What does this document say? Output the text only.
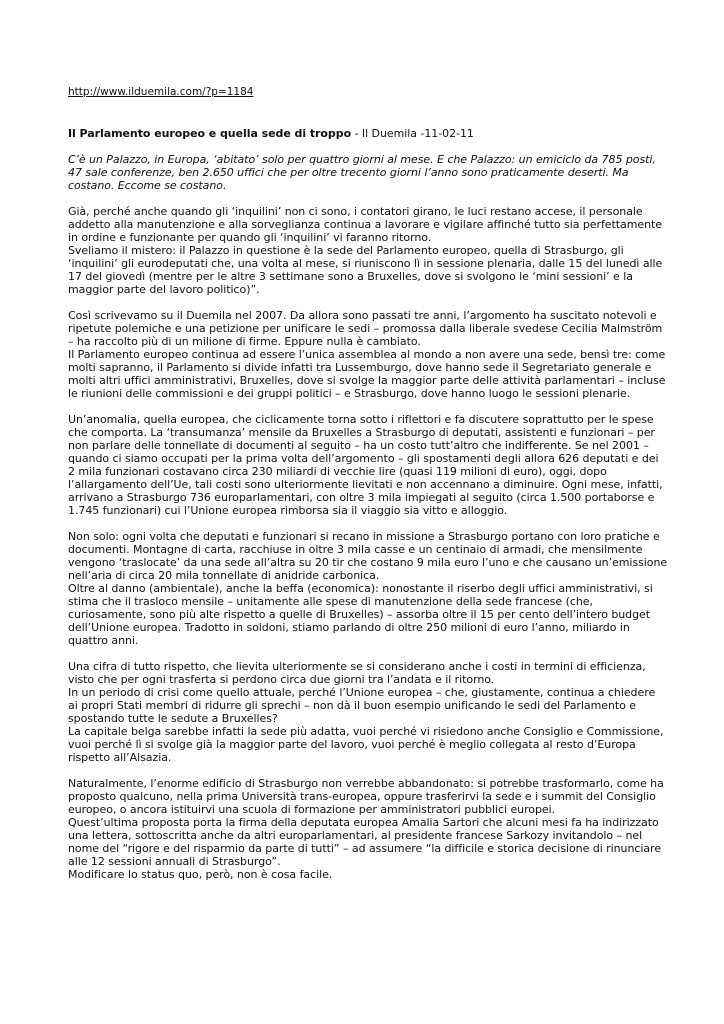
http://www.ilduemila.com/?p=1184

Il Parlamento europeo e quella sede di troppo - Il Duemila -11-02-11

C’è un Palazzo, in Europa, ‘abitato’ solo per quattro giorni al mese. E che Palazzo: un emiciclo da 785 posti, 47 sale conferenze, ben 2.650 uffici che per oltre trecento giorni l’anno sono praticamente deserti. Ma costano. Eccome se costano.

Già, perché anche quando gli ‘inquilini’ non ci sono, i contatori girano, le luci restano accese, il personale addetto alla manutenzione e alla sorveglianza continua a lavorare e vigilare affinché tutto sia perfettamente in ordine e funzionante per quando gli ‘inquilini’ vi faranno ritorno.
Sveliamo il mistero: il Palazzo in questione è la sede del Parlamento europeo, quella di Strasburgo, gli ‘inquilini’ gli eurodeputati che, una volta al mese, si riuniscono lì in sessione plenaria, dalle 15 del lunedì alle 17 del giovedì (mentre per le altre 3 settimane sono a Bruxelles, dove si svolgono le ‘mini sessioni’ e la maggior parte del lavoro politico)”.

Così scrivevamo su il Duemila nel 2007. Da allora sono passati tre anni, l’argomento ha suscitato notevoli e ripetute polemiche e una petizione per unificare le sedi – promossa dalla liberale svedese Cecilia Malmström – ha raccolto più di un milione di firme. Eppure nulla è cambiato.
Il Parlamento europeo continua ad essere l’unica assemblea al mondo a non avere una sede, bensì tre: come molti sapranno, il Parlamento si divide infatti tra Lussemburgo, dove hanno sede il Segretariato generale e molti altri uffici amministrativi, Bruxelles, dove si svolge la maggior parte delle attività parlamentari – incluse le riunioni delle commissioni e dei gruppi politici – e Strasburgo, dove hanno luogo le sessioni plenarie.

Un’anomalia, quella europea, che ciclicamente torna sotto i riflettori e fa discutere soprattutto per le spese che comporta. La ‘transumanza’ mensile da Bruxelles a Strasburgo di deputati, assistenti e funzionari – per non parlare delle tonnellate di documenti al seguito – ha un costo tutt’altro che indifferente. Se nel 2001 – quando ci siamo occupati per la prima volta dell’argomento – gli spostamenti degli allora 626 deputati e dei 2 mila funzionari costavano circa 230 miliardi di vecchie lire (quasi 119 milioni di euro), oggi, dopo l’allargamento dell’Ue, tali costi sono ulteriormente lievitati e non accennano a diminuire. Ogni mese, infatti, arrivano a Strasburgo 736 europarlamentari, con oltre 3 mila impiegati al seguito (circa 1.500 portaborse e 1.745 funzionari) cui l’Unione europea rimborsa sia il viaggio sia vitto e alloggio.

Non solo: ogni volta che deputati e funzionari si recano in missione a Strasburgo portano con loro pratiche e documenti. Montagne di carta, racchiuse in oltre 3 mila casse e un centinaio di armadi, che mensilmente vengono ‘traslocate’ da una sede all’altra su 20 tir che costano 9 mila euro l’uno e che causano un’emissione nell’aria di circa 20 mila tonnellate di anidride carbonica.
Oltre al danno (ambientale), anche la beffa (economica): nonostante il riserbo degli uffici amministrativi, si stima che il trasloco mensile – unitamente alle spese di manutenzione della sede francese (che, curiosamente, sono più alte rispetto a quelle di Bruxelles) – assorba oltre il 15 per cento dell’intero budget dell’Unione europea. Tradotto in soldoni, stiamo parlando di oltre 250 milioni di euro l’anno, miliardo in quattro anni.

Una cifra di tutto rispetto, che lievita ulteriormente se si considerano anche i costi in termini di efficienza, visto che per ogni trasferta si perdono circa due giorni tra l’andata e il ritorno.
In un periodo di crisi come quello attuale, perché l’Unione europea – che, giustamente, continua a chiedere ai propri Stati membri di ridurre gli sprechi – non dà il buon esempio unificando le sedi del Parlamento e spostando tutte le sedute a Bruxelles?
La capitale belga sarebbe infatti la sede più adatta, vuoi perché vi risiedono anche Consiglio e Commissione, vuoi perché lì si svolge già la maggior parte del lavoro, vuoi perché è meglio collegata al resto d’Europa rispetto all’Alsazia.

Naturalmente, l’enorme edificio di Strasburgo non verrebbe abbandonato: si potrebbe trasformarlo, come ha proposto qualcuno, nella prima Università trans-europea, oppure trasferirvi la sede e i summit del Consiglio europeo, o ancora istituirvi una scuola di formazione per amministratori pubblici europei.
Quest’ultima proposta porta la firma della deputata europea Amalia Sartori che alcuni mesi fa ha indirizzato una lettera, sottoscritta anche da altri europarlamentari, al presidente francese Sarkozy invitandolo – nel nome del “rigore e del risparmio da parte di tutti” – ad assumere “la difficile e storica decisione di rinunciare alle 12 sessioni annuali di Strasburgo”.
Modificare lo status quo, però, non è cosa facile.
